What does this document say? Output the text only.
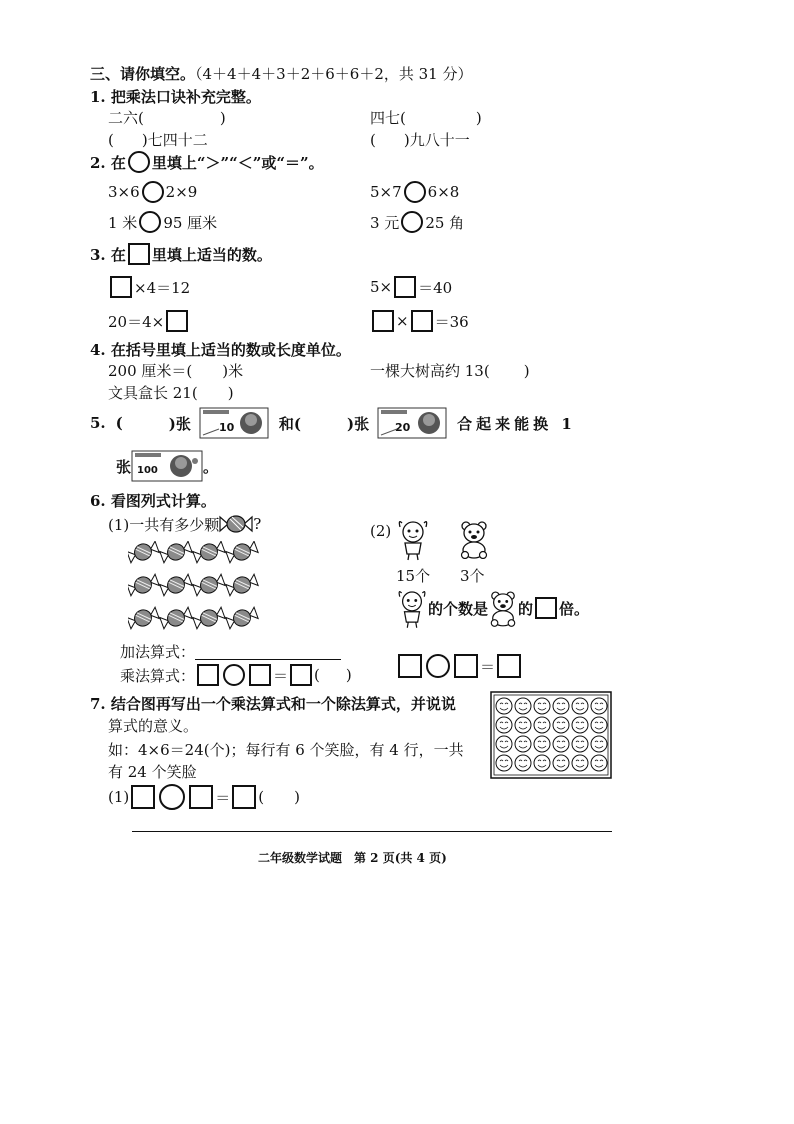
三、请你填空。（4＋4＋4＋3＋2＋6＋6＋2，共 31 分）
1. 把乘法口诀补充完整。
二六(	)	四七(	)
( )七四十二	( )九八十一
2. 在 里填上“＞”“＜”或“＝”。
3×6 2×9	5×7 6×8
1 米 95 厘米	3 元 25 角
3. 在 里填上适当的数。
×4＝12	5× ＝40
20＝4×	× ＝36
4. 在括号里填上适当的数或长度单位。
200 厘米＝( )米	一棵大树高约 13( )
文具盒长 21( )
5. (	)张	10	和(	)张 20	合起来能换 1
张 100	。
6. 看图列式计算。
(1)一共有多少颗 ?
加法算式：
乘法算式：	＝ ( )
(2)
15个 3个
的个数是 的 倍。
＝
7. 结合图再写出一个乘法算式和一个除法算式，并说说
算式的意义。
如：4×6＝24(个)；每行有 6 个笑脸，有 4 行，一共
有 24 个笑脸
(1)	＝ ( )
二年级数学试题　第 2 页(共 4 页)
